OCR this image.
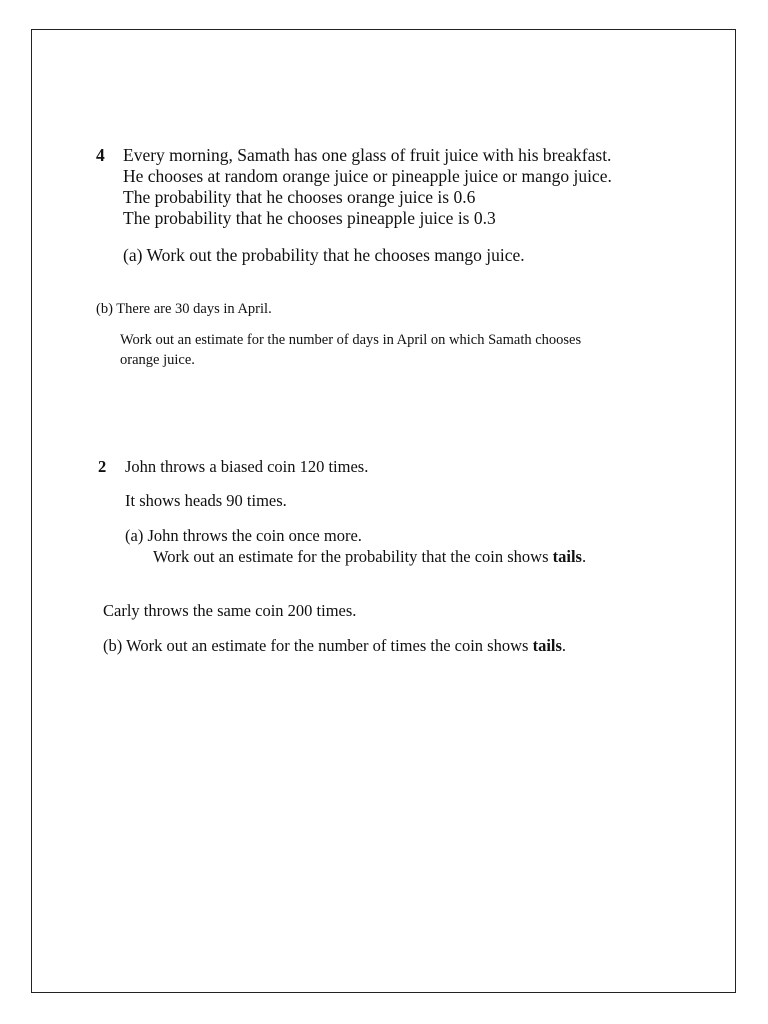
4 Every morning, Samath has one glass of fruit juice with his breakfast.
He chooses at random orange juice or pineapple juice or mango juice.
The probability that he chooses orange juice is 0.6
The probability that he chooses pineapple juice is 0.3
(a) Work out the probability that he chooses mango juice.
(b) There are 30 days in April.
Work out an estimate for the number of days in April on which Samath chooses
orange juice.
2 John throws a biased coin 120 times.
It shows heads 90 times.
(a) John throws the coin once more.
Work out an estimate for the probability that the coin shows tails.
Carly throws the same coin 200 times.
(b) Work out an estimate for the number of times the coin shows tails.
